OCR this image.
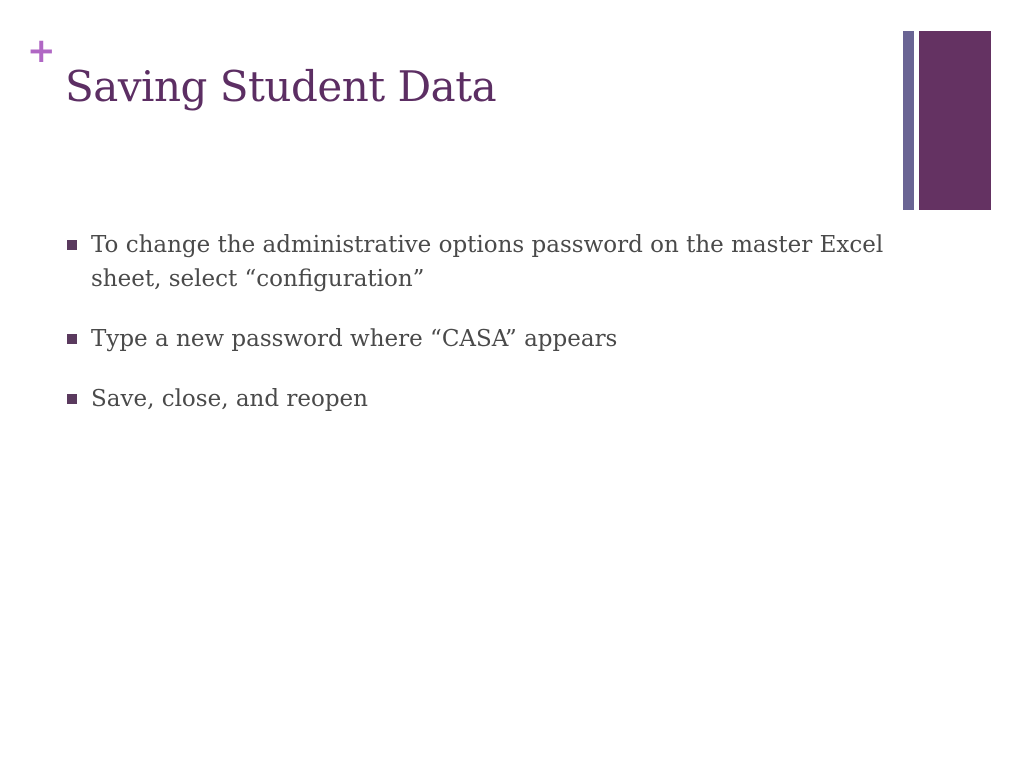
+
Saving Student Data
To change the administrative options password on the master Excel sheet, select “configuration”
Type a new password where “CASA” appears
Save, close, and reopen
